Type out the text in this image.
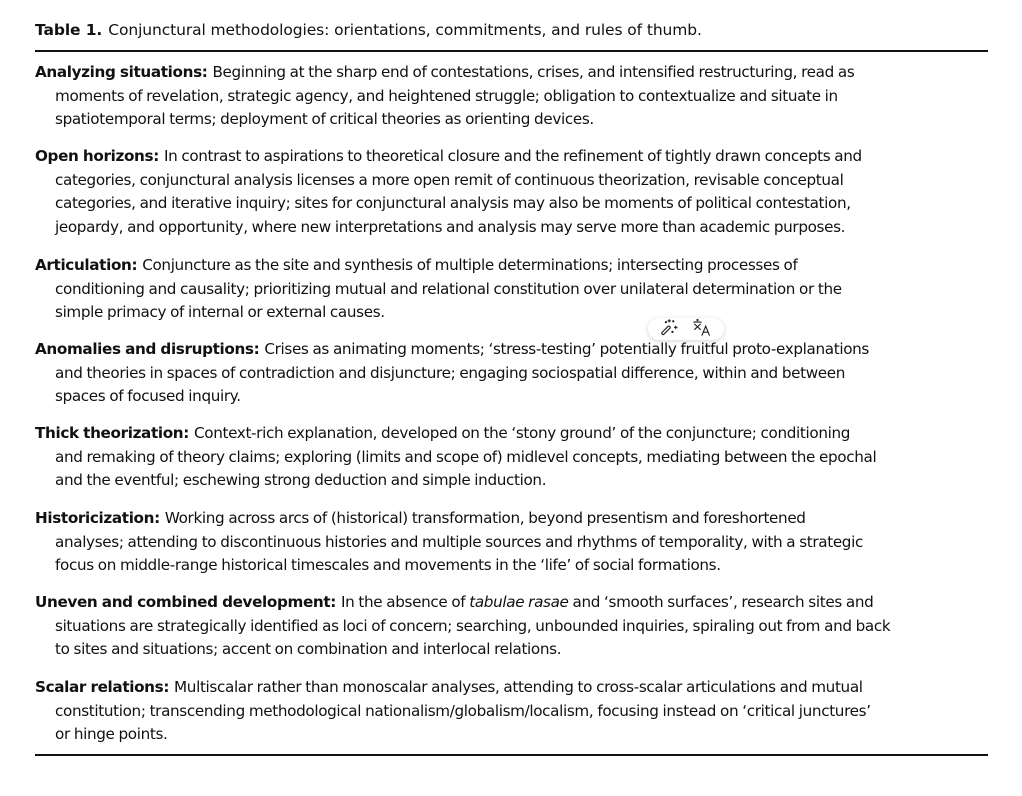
Table 1. Conjunctural methodologies: orientations, commitments, and rules of thumb.
Analyzing situations: Beginning at the sharp end of contestations, crises, and intensified restructuring, read as
moments of revelation, strategic agency, and heightened struggle; obligation to contextualize and situate in
spatiotemporal terms; deployment of critical theories as orienting devices.
Open horizons: In contrast to aspirations to theoretical closure and the refinement of tightly drawn concepts and
categories, conjunctural analysis licenses a more open remit of continuous theorization, revisable conceptual
categories, and iterative inquiry; sites for conjunctural analysis may also be moments of political contestation,
jeopardy, and opportunity, where new interpretations and analysis may serve more than academic purposes.
Articulation: Conjuncture as the site and synthesis of multiple determinations; intersecting processes of
conditioning and causality; prioritizing mutual and relational constitution over unilateral determination or the
simple primacy of internal or external causes.
Anomalies and disruptions: Crises as animating moments; ‘stress-testing’ potentially fruitful proto-explanations
and theories in spaces of contradiction and disjuncture; engaging sociospatial difference, within and between
spaces of focused inquiry.
Thick theorization: Context-rich explanation, developed on the ‘stony ground’ of the conjuncture; conditioning
and remaking of theory claims; exploring (limits and scope of) midlevel concepts, mediating between the epochal
and the eventful; eschewing strong deduction and simple induction.
Historicization: Working across arcs of (historical) transformation, beyond presentism and foreshortened
analyses; attending to discontinuous histories and multiple sources and rhythms of temporality, with a strategic
focus on middle-range historical timescales and movements in the ‘life’ of social formations.
Uneven and combined development: In the absence of tabulae rasae and ‘smooth surfaces’, research sites and
situations are strategically identified as loci of concern; searching, unbounded inquiries, spiraling out from and back
to sites and situations; accent on combination and interlocal relations.
Scalar relations: Multiscalar rather than monoscalar analyses, attending to cross-scalar articulations and mutual
constitution; transcending methodological nationalism/globalism/localism, focusing instead on ‘critical junctures’
or hinge points.
